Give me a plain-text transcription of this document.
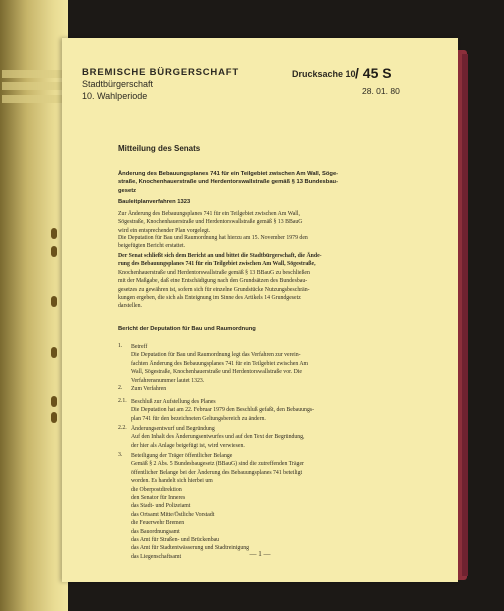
BREMISCHE BÜRGERSCHAFT
Stadtbürgerschaft
10. Wahlperiode
Drucksache 10 / 45 S
28. 01. 80
Mitteilung des Senats
Änderung des Bebauungsplanes 741 für ein Teilgebiet zwischen Am Wall, Söge-
straße, Knochenhauerstraße und Herdentorswallstraße gemäß § 13 Bundesbau-
gesetz
Bauleitplanverfahren 1323
Zur Änderung des Bebauungsplanes 741 für ein Teilgebiet zwischen Am Wall,
Sögestraße, Knochenhauerstraße und Herdentorswallstraße gemäß § 13 BBauG
wird ein entsprechender Plan vorgelegt.
Die Deputation für Bau und Raumordnung hat hierzu am 15. November 1979 den
beigefügten Bericht erstattet.
Der Senat schließt sich dem Bericht an und bittet die Stadtbürgerschaft, die Ände-
rung des Bebauungsplanes 741 für ein Teilgebiet zwischen Am Wall, Sögestraße,
Knochenhauerstraße und Herdentorswallstraße gemäß § 13 BBauG zu beschließen
mit der Maßgabe, daß eine Entschädigung nach den Grundsätzen des Bundesbau-
gesetzes zu gewähren ist, sofern sich für einzelne Grundstücke Nutzungsbeschrän-
kungen ergeben, die sich als Enteignung im Sinne des Artikels 14 Grundgesetz
darstellen.
Bericht der Deputation für Bau und Raumordnung
1. Betreff
Die Deputation für Bau und Raumordnung legt das Verfahren zur verein-
fachten Änderung des Bebauungsplanes 741 für ein Teilgebiet zwischen Am
Wall, Sögestraße, Knochenhauerstraße und Herdentorswallstraße vor. Die
Verfahrensnummer lautet 1323.
2. Zum Verfahren
2.1. Beschluß zur Aufstellung des Planes
Die Deputation hat am 22. Februar 1979 den Beschluß gefaßt, den Bebauungs-
plan 741 für den bezeichneten Geltungsbereich zu ändern.
2.2. Änderungsentwurf und Begründung
Auf den Inhalt des Änderungsentwurfes und auf den Text der Begründung,
der hier als Anlage beigefügt ist, wird verwiesen.
3. Beteiligung der Träger öffentlicher Belange
Gemäß § 2 Abs. 5 Bundesbaugesetz (BBauG) sind die zutreffenden Träger
öffentlicher Belange bei der Änderung des Bebauungsplanes 741 beteiligt
worden. Es handelt sich hierbei um
die Oberpostdirektion
den Senator für Inneres
das Stadt- und Polizeiamt
das Ortsamt Mitte/Östliche Vorstadt
die Feuerwehr Bremen
das Bauordnungsamt
das Amt für Straßen- und Brückenbau
das Amt für Stadtentwässerung und Stadtreinigung
das Liegenschaftsamt	— 1 —
